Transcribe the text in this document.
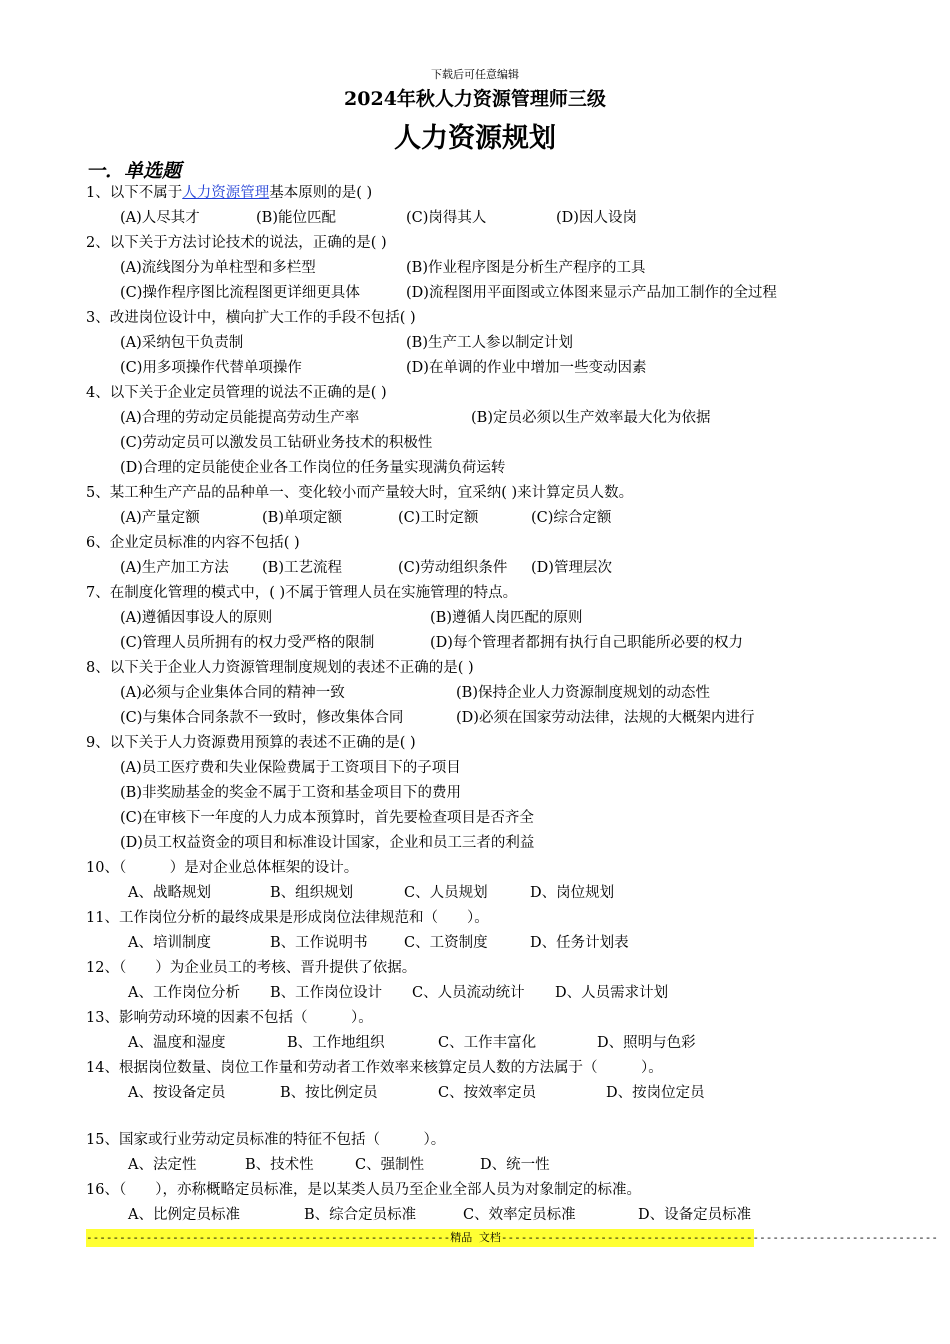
下载后可任意编辑
2024年秋人力资源管理师三级
人力资源规划
一．单选题
1、以下不属于人力资源管理基本原则的是( )
(A)人尽其才	(B)能位匹配	(C)岗得其人	(D)因人设岗
2、以下关于方法讨论技术的说法，正确的是( )
(A)流线图分为单柱型和多栏型	(B)作业程序图是分析生产程序的工具
(C)操作程序图比流程图更详细更具体	(D)流程图用平面图或立体图来显示产品加工制作的全过程
3、改进岗位设计中，横向扩大工作的手段不包括( )
(A)采纳包干负责制	(B)生产工人参以制定计划
(C)用多项操作代替单项操作	(D)在单调的作业中增加一些变动因素
4、以下关于企业定员管理的说法不正确的是( )
(A)合理的劳动定员能提高劳动生产率	(B)定员必须以生产效率最大化为依据
(C)劳动定员可以激发员工钻研业务技术的积极性
(D)合理的定员能使企业各工作岗位的任务量实现满负荷运转
5、某工种生产产品的品种单一、变化较小而产量较大时，宜采纳( )来计算定员人数。
(A)产量定额	(B)单项定额	(C)工时定额	(C)综合定额
6、企业定员标准的内容不包括( )
(A)生产加工方法 (B)工艺流程	(C)劳动组织条件 (D)管理层次
7、在制度化管理的模式中，( )不属于管理人员在实施管理的特点。
(A)遵循因事设人的原则	(B)遵循人岗匹配的原则
(C)管理人员所拥有的权力受严格的限制	(D)每个管理者都拥有执行自己职能所必要的权力
8、以下关于企业人力资源管理制度规划的表述不正确的是( )
(A)必须与企业集体合同的精神一致	(B)保持企业人力资源制度规划的动态性
(C)与集体合同条款不一致时，修改集体合同	(D)必须在国家劳动法律，法规的大概架内进行
9、以下关于人力资源费用预算的表述不正确的是( )
(A)员工医疗费和失业保险费属于工资项目下的子项目
(B)非奖励基金的奖金不属于工资和基金项目下的费用
(C)在审核下一年度的人力成本预算时，首先要检查项目是否齐全
(D)员工权益资金的项目和标准设计国家，企业和员工三者的利益
10、（　　　）是对企业总体框架的设计。
A、战略规划	B、组织规划	C、人员规划	D、岗位规划
11、工作岗位分析的最终成果是形成岗位法律规范和（　　）。
A、培训制度	B、工作说明书	C、工资制度	D、任务计划表
12、（　　）为企业员工的考核、晋升提供了依据。
A、工作岗位分析 B、工作岗位设计 C、人员流动统计 D、人员需求计划
13、影响劳动环境的因素不包括（　　　）。
A、温度和湿度	B、工作地组织	C、工作丰富化	D、照明与色彩
14、根据岗位数量、岗位工作量和劳动者工作效率来核算定员人数的方法属于（　　　）。
A、按设备定员	B、按比例定员	C、按效率定员	D、按岗位定员
15、国家或行业劳动定员标准的特征不包括（　　　）。
A、法定性	B、技术性	C、强制性	D、统一性
16、（　　），亦称概略定员标准，是以某类人员乃至企业全部人员为对象制定的标准。
A、比例定员标准	B、综合定员标准	C、效率定员标准	D、设备定员标准
-------------------------------------------------------精品 文档------------------------------------------------------------------
